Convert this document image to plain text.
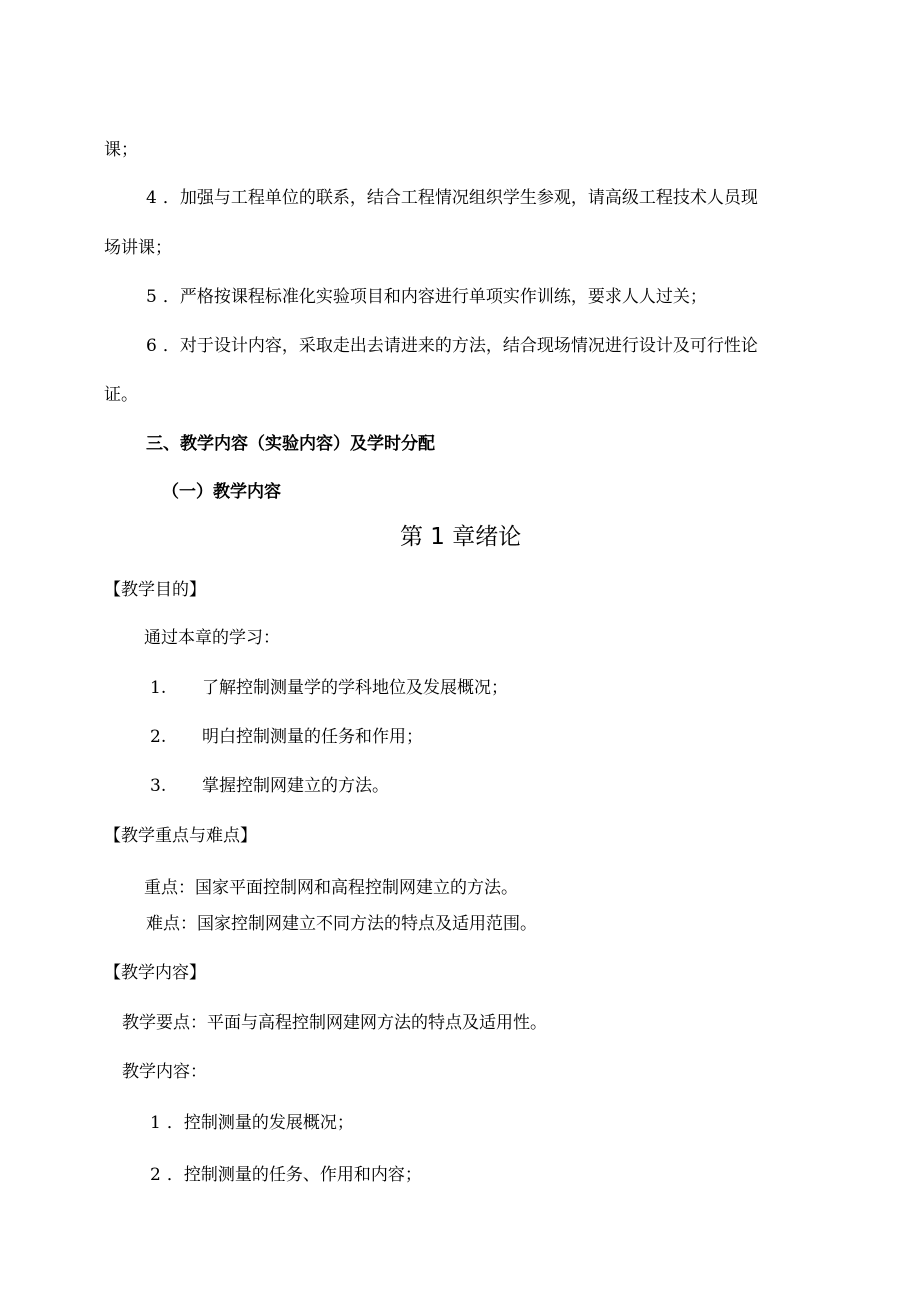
课；
4 ．加强与工程单位的联系，结合工程情况组织学生参观，请高级工程技术人员现
场讲课；
5 ．严格按课程标准化实验项目和内容进行单项实作训练，要求人人过关；
6 ．对于设计内容，采取走出去请进来的方法，结合现场情况进行设计及可行性论
证。
三、教学内容（实验内容）及学时分配
（一）教学内容
第 1 章绪论
【教学目的】
通过本章的学习：
1. 了解控制测量学的学科地位及发展概况；
2. 明白控制测量的任务和作用；
3. 掌握控制网建立的方法。
【教学重点与难点】
重点：国家平面控制网和高程控制网建立的方法。
难点：国家控制网建立不同方法的特点及适用范围。
【教学内容】
教学要点：平面与高程控制网建网方法的特点及适用性。
教学内容：
1 ．控制测量的发展概况；
2 ．控制测量的任务、作用和内容；
